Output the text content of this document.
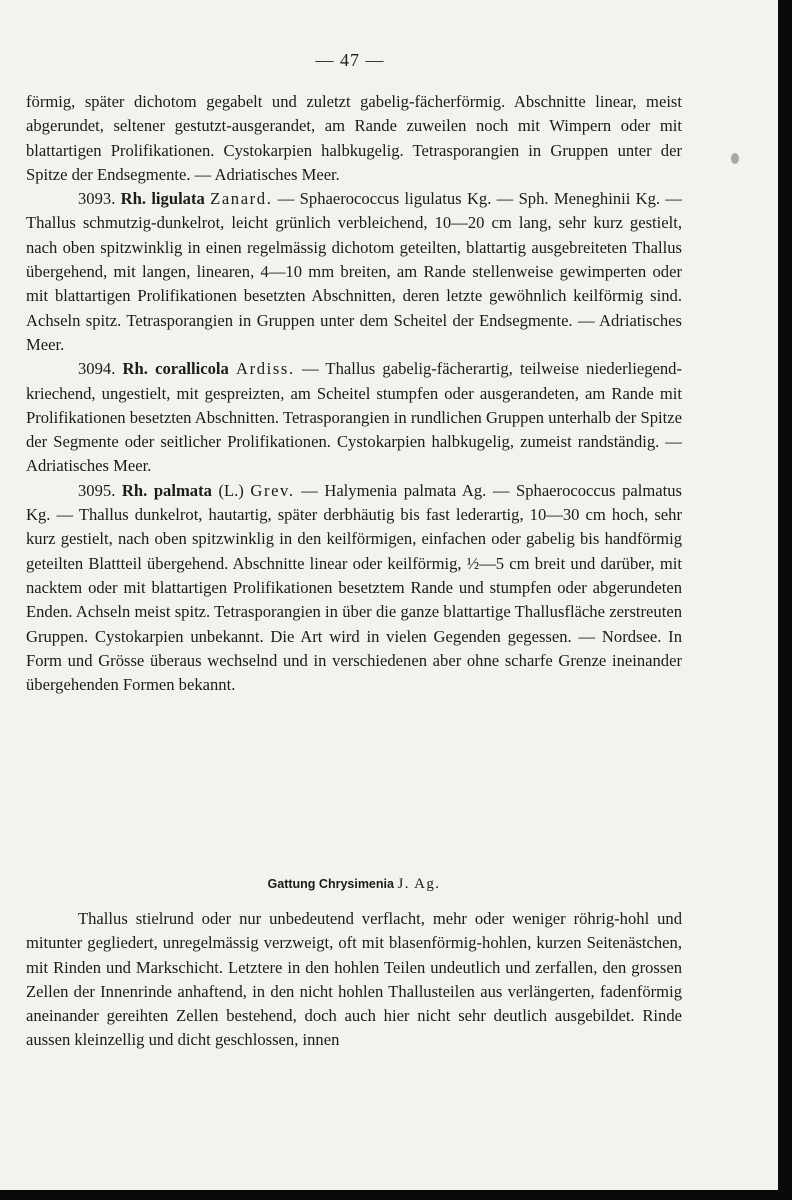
— 47 —

förmig, später dichotom gegabelt und zuletzt gabelig-fächerförmig. Abschnitte linear, meist abgerundet, seltener gestutzt-ausgerandet, am Rande zuweilen noch mit Wimpern oder mit blattartigen Prolifikationen. Cystokarpien halbkugelig. Tetrasporangien in Gruppen unter der Spitze der Endsegmente. — Adriatisches Meer.

3093. Rh. ligulata Zanard. — Sphaerococcus ligulatus Kg. — Sph. Meneghinii Kg. — Thallus schmutzig-dunkelrot, leicht grünlich verbleichend, 10—20 cm lang, sehr kurz gestielt, nach oben spitzwinklig in einen regelmässig dichotom geteilten, blattartig ausgebreiteten Thallus übergehend, mit langen, linearen, 4—10 mm breiten, am Rande stellenweise gewimperten oder mit blattartigen Prolifikationen besetzten Abschnitten, deren letzte gewöhnlich keilförmig sind. Achseln spitz. Tetrasporangien in Gruppen unter dem Scheitel der Endsegmente. — Adriatisches Meer.

3094. Rh. corallicola Ardiss. — Thallus gabelig-fächerartig, teilweise niederliegend-kriechend, ungestielt, mit gespreizten, am Scheitel stumpfen oder ausgerandeten, am Rande mit Prolifikationen besetzten Abschnitten. Tetrasporangien in rundlichen Gruppen unterhalb der Spitze der Segmente oder seitlicher Prolifikationen. Cystokarpien halbkugelig, zumeist randständig. — Adriatisches Meer.

3095. Rh. palmata (L.) Grev. — Halymenia palmata Ag. — Sphaerococcus palmatus Kg. — Thallus dunkelrot, hautartig, später derbhäutig bis fast lederartig, 10—30 cm hoch, sehr kurz gestielt, nach oben spitzwinklig in den keilförmigen, einfachen oder gabelig bis handförmig geteilten Blattteil übergehend. Abschnitte linear oder keilförmig, ½—5 cm breit und darüber, mit nacktem oder mit blattartigen Prolifikationen besetztem Rande und stumpfen oder abgerundeten Enden. Achseln meist spitz. Tetrasporangien in über die ganze blattartige Thallusfläche zerstreuten Gruppen. Cystokarpien unbekannt. Die Art wird in vielen Gegenden gegessen. — Nordsee. In Form und Grösse überaus wechselnd und in verschiedenen aber ohne scharfe Grenze ineinander übergehenden Formen bekannt.

Gattung Chrysimenia J. Ag.

Thallus stielrund oder nur unbedeutend verflacht, mehr oder weniger röhrig-hohl und mitunter gegliedert, unregelmässig verzweigt, oft mit blasenförmig-hohlen, kurzen Seitenästchen, mit Rinden und Markschicht. Letztere in den hohlen Teilen undeutlich und zerfallen, den grossen Zellen der Innenrinde anhaftend, in den nicht hohlen Thallusteilen aus verlängerten, fadenförmig aneinander gereihten Zellen bestehend, doch auch hier nicht sehr deutlich ausgebildet. Rinde aussen kleinzellig und dicht geschlossen, innen
